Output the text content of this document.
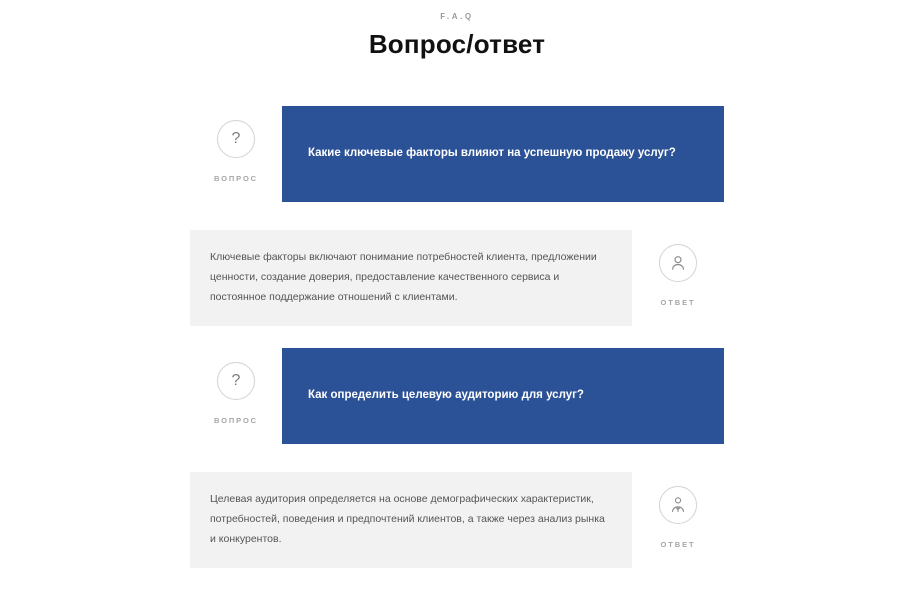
F.A.Q
Вопрос/ответ
?
ВОПРОС
Какие ключевые факторы влияют на успешную продажу услуг?
Ключевые факторы включают понимание потребностей клиента, предложении ценности, создание доверия, предоставление качественного сервиса и постоянное поддержание отношений с клиентами.	ОТВЕТ
?
ВОПРОС
Как определить целевую аудиторию для услуг?
Целевая аудитория определяется на основе демографических характеристик, потребностей, поведения и предпочтений клиентов, а также через анализ рынка и конкурентов.	ОТВЕТ
